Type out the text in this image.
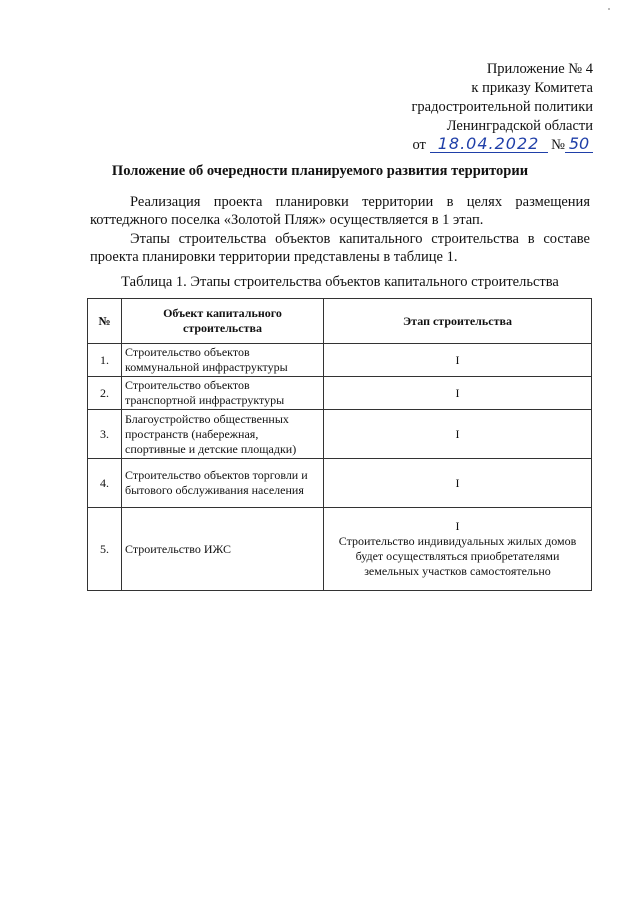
Приложение № 4
к приказу Комитета
градостроительной политики
Ленинградской области
от 18.04.2022 № 50
Положение об очередности планируемого развития территории
Реализация проекта планировки территории в целях размещения коттеджного поселка «Золотой Пляж» осуществляется в 1 этап.
Этапы строительства объектов капитального строительства в составе проекта планировки территории представлены в таблице 1.
Таблица 1. Этапы строительства объектов капитального строительства
№	Объект капитального строительства	Этап строительства
1.	Строительство объектов коммунальной инфраструктуры	I
2.	Строительство объектов транспортной инфраструктуры	I
3.	Благоустройство общественных пространств (набережная, спортивные и детские площадки)	I
4.	Строительство объектов торговли и бытового обслуживания населения	I
5.	Строительство ИЖС	I
Строительство индивидуальных жилых домов будет осуществляться приобретателями земельных участков самостоятельно
